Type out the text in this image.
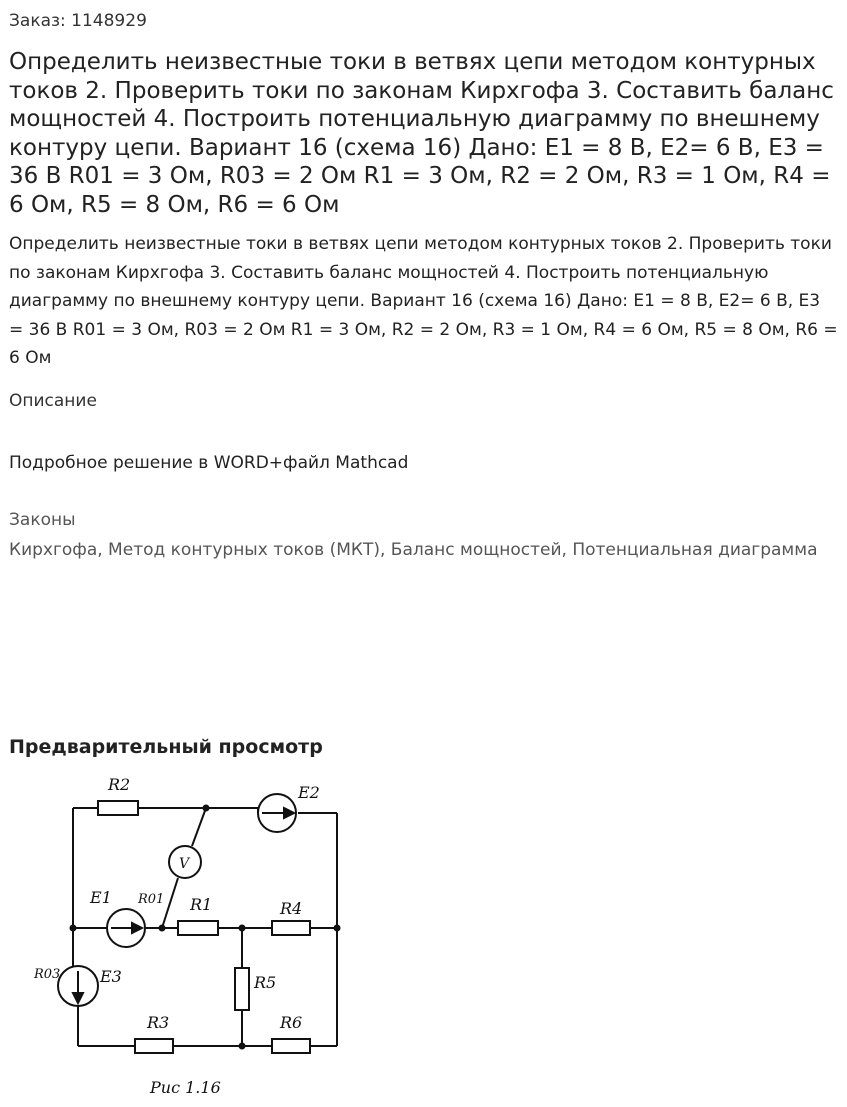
Заказ: 1148929
Определить неизвестные токи в ветвях цепи методом контурных токов 2. Проверить токи по законам Кирхгофа 3. Составить баланс мощностей 4. Построить потенциальную диаграмму по внешнему контуру цепи. Вариант 16 (схема 16) Дано: E1 = 8 В, E2= 6 В, E3 = 36 В R01 = 3 Ом, R03 = 2 Ом R1 = 3 Ом, R2 = 2 Ом, R3 = 1 Ом, R4 = 6 Ом, R5 = 8 Ом, R6 = 6 Ом

Определить неизвестные токи в ветвях цепи методом контурных токов 2. Проверить токи по законам Кирхгофа 3. Составить баланс мощностей 4. Построить потенциальную диаграмму по внешнему контуру цепи. Вариант 16 (схема 16) Дано: E1 = 8 В, E2= 6 В, E3 = 36 В R01 = 3 Ом, R03 = 2 Ом R1 = 3 Ом, R2 = 2 Ом, R3 = 1 Ом, R4 = 6 Ом, R5 = 8 Ом, R6 = 6 Ом

Описание
Подробное решение в WORD+файл Mathcad
Законы
Кирхгофа, Метод контурных токов (МКТ), Баланс мощностей, Потенциальная диаграмма
Предварительный просмотр
R2	E2
V
E1 R01 R1	R4
R03 E3	R5
R3	R6
Рис 1.16
